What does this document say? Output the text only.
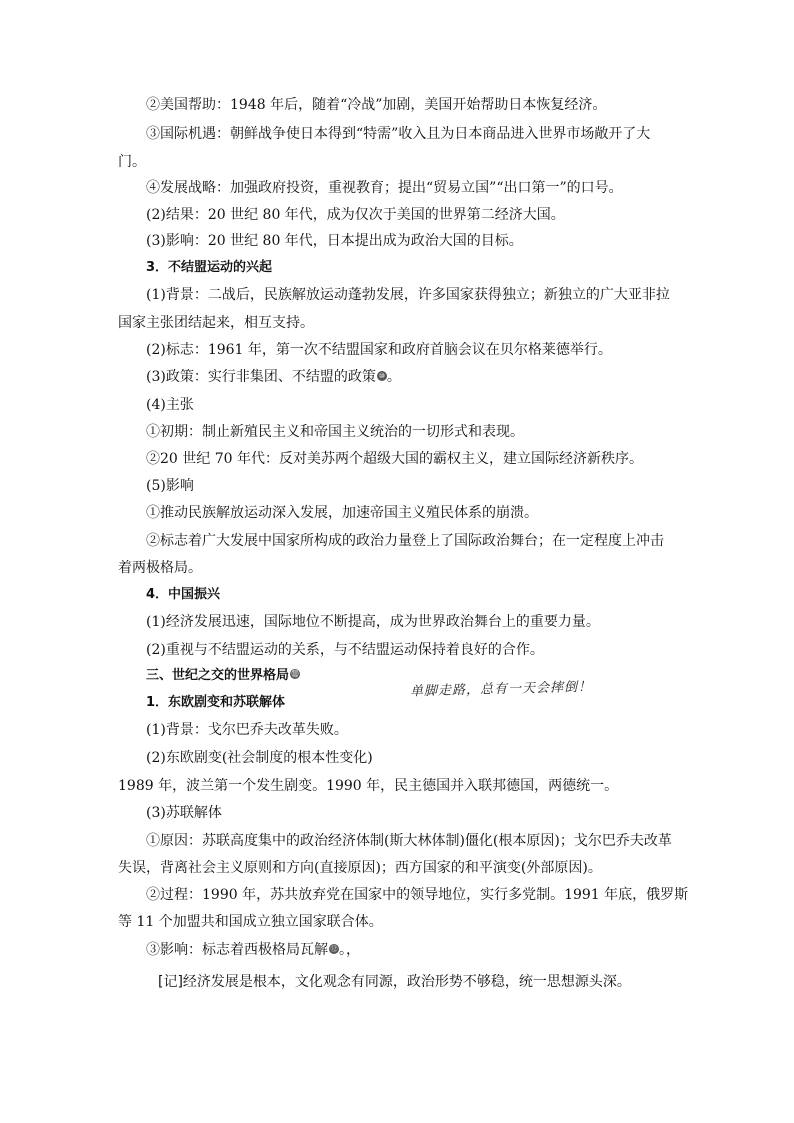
②美国帮助：1948 年后，随着“冷战”加剧，美国开始帮助日本恢复经济。
③国际机遇：朝鲜战争使日本得到“特需”收入且为日本商品进入世界市场敞开了大
门。
④发展战略：加强政府投资，重视教育；提出“贸易立国”“出口第一”的口号。
(2)结果：20 世纪 80 年代，成为仅次于美国的世界第二经济大国。
(3)影响：20 世纪 80 年代，日本提出成为政治大国的目标。
3．不结盟运动的兴起
(1)背景：二战后，民族解放运动蓬勃发展，许多国家获得独立；新独立的广大亚非拉
国家主张团结起来，相互支持。
(2)标志：1961 年，第一次不结盟国家和政府首脑会议在贝尔格莱德举行。
(3)政策：实行非集团、不结盟的政策 ⑩ 。
(4)主张
①初期：制止新殖民主义和帝国主义统治的一切形式和表现。
②20 世纪 70 年代：反对美苏两个超级大国的霸权主义，建立国际经济新秩序。
(5)影响
①推动民族解放运动深入发展，加速帝国主义殖民体系的崩溃。
②标志着广大发展中国家所构成的政治力量登上了国际政治舞台；在一定程度上冲击
着两极格局。
4．中国振兴
(1)经济发展迅速，国际地位不断提高，成为世界政治舞台上的重要力量。
(2)重视与不结盟运动的关系，与不结盟运动保持着良好的合作。
三、世纪之交的世界格局 ⑪
1．东欧剧变和苏联解体
(1)背景：戈尔巴乔夫改革失败。
(2)东欧剧变(社会制度的根本性变化)
1989 年，波兰第一个发生剧变。1990 年，民主德国并入联邦德国，两德统一。
(3)苏联解体
①原因：苏联高度集中的政治经济体制(斯大林体制)僵化(根本原因)；戈尔巴乔夫改革
失误，背离社会主义原则和方向(直接原因)；西方国家的和平演变(外部原因)。
②过程：1990 年，苏共放弃党在国家中的领导地位，实行多党制。1991 年底，俄罗斯
等 11 个加盟共和国成立独立国家联合体。
③影响：标志着西极格局瓦解 ⑫ 。，
单脚走路，总有一天会摔倒！
[记]经济发展是根本，文化观念有同源，政治形势不够稳，统一思想源头深。
